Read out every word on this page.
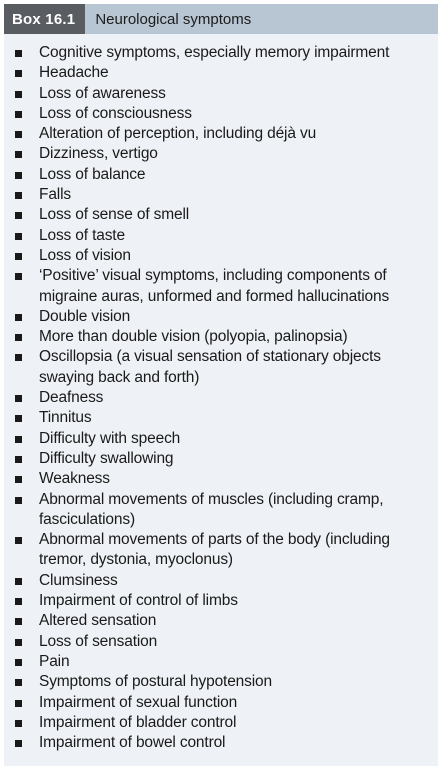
Box 16.1	Neurological symptoms
Cognitive symptoms, especially memory impairment
Headache
Loss of awareness
Loss of consciousness
Alteration of perception, including déjà vu
Dizziness, vertigo
Loss of balance
Falls
Loss of sense of smell
Loss of taste
Loss of vision
‘Positive’ visual symptoms, including components of migraine auras, unformed and formed hallucinations
Double vision
More than double vision (polyopia, palinopsia)
Oscillopsia (a visual sensation of stationary objects swaying back and forth)
Deafness
Tinnitus
Difficulty with speech
Difficulty swallowing
Weakness
Abnormal movements of muscles (including cramp, fasciculations)
Abnormal movements of parts of the body (including tremor, dystonia, myoclonus)
Clumsiness
Impairment of control of limbs
Altered sensation
Loss of sensation
Pain
Symptoms of postural hypotension
Impairment of sexual function
Impairment of bladder control
Impairment of bowel control
